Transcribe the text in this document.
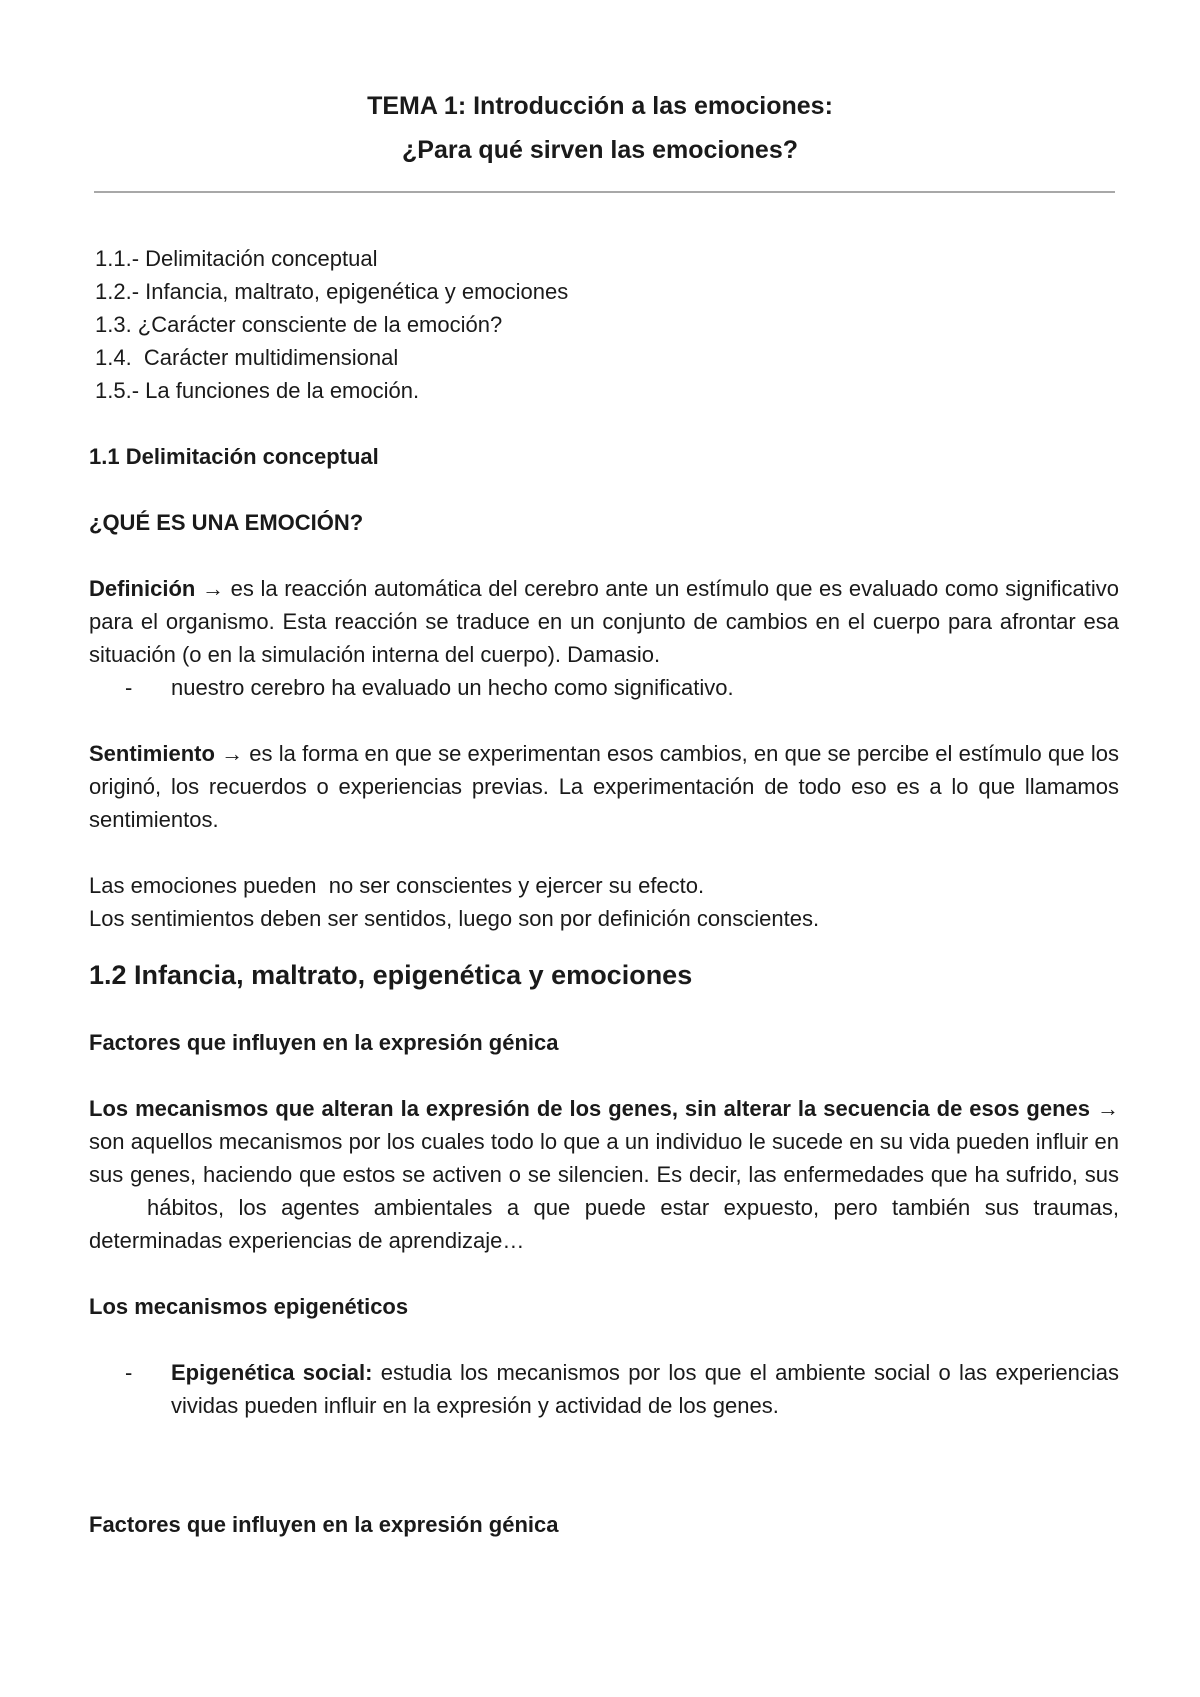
TEMA 1: Introducción a las emociones:
¿Para qué sirven las emociones?
1.1.- Delimitación conceptual
1.2.- Infancia, maltrato, epigenética y emociones
1.3. ¿Carácter consciente de la emoción?
1.4.  Carácter multidimensional
1.5.- La funciones de la emoción.
1.1 Delimitación conceptual
¿QUÉ ES UNA EMOCIÓN?

Definición → es la reacción automática del cerebro ante un estímulo que es evaluado como significativo para el organismo. Esta reacción se traduce en un conjunto de cambios en el cuerpo para afrontar esa situación (o en la simulación interna del cuerpo). Damasio.

-	nuestro cerebro ha evaluado un hecho como significativo.

Sentimiento → es la forma en que se experimentan esos cambios, en que se percibe el estímulo que los originó, los recuerdos o experiencias previas. La experimentación de todo eso es a lo que llamamos sentimientos.

Las emociones pueden  no ser conscientes y ejercer su efecto.
Los sentimientos deben ser sentidos, luego son por definición conscientes.
1.2 Infancia, maltrato, epigenética y emociones
Factores que influyen en la expresión génica

Los mecanismos que alteran la expresión de los genes, sin alterar la secuencia de esos genes → son aquellos mecanismos por los cuales todo lo que a un individuo le sucede en su vida pueden influir en sus genes, haciendo que estos se activen o se silencien. Es decir, las enfermedades que ha sufrido, sushábitos, los agentes ambientales a que puede estar expuesto, pero también sus traumas, determinadas experiencias de aprendizaje…

Los mecanismos epigenéticos
-	Epigenética social: estudia los mecanismos por los que el ambiente social o las experiencias vividas pueden influir en la expresión y actividad de los genes.
Factores que influyen en la expresión génica
